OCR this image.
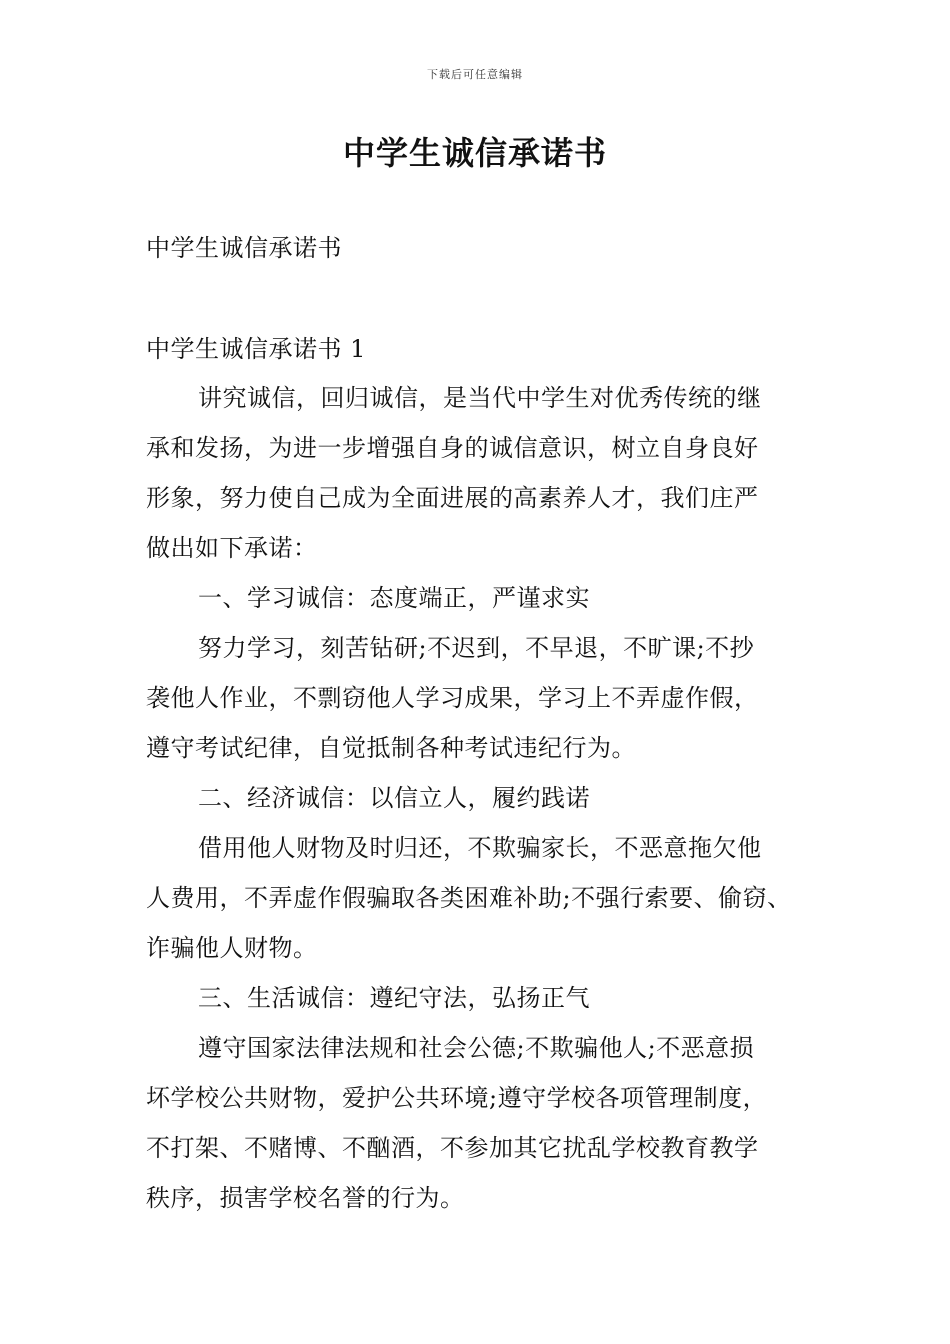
下载后可任意编辑
中学生诚信承诺书
中学生诚信承诺书
中学生诚信承诺书 1
讲究诚信，回归诚信，是当代中学生对优秀传统的继
承和发扬，为进一步增强自身的诚信意识，树立自身良好
形象，努力使自己成为全面进展的高素养人才，我们庄严
做出如下承诺：
一、学习诚信：态度端正，严谨求实
努力学习，刻苦钻研;不迟到，不早退，不旷课;不抄
袭他人作业，不剽窃他人学习成果，学习上不弄虚作假，
遵守考试纪律，自觉抵制各种考试违纪行为。
二、经济诚信：以信立人，履约践诺
借用他人财物及时归还，不欺骗家长，不恶意拖欠他
人费用，不弄虚作假骗取各类困难补助;不强行索要、偷窃、
诈骗他人财物。
三、生活诚信：遵纪守法，弘扬正气
遵守国家法律法规和社会公德;不欺骗他人;不恶意损
坏学校公共财物，爱护公共环境;遵守学校各项管理制度，
不打架、不赌博、不酗酒，不参加其它扰乱学校教育教学
秩序，损害学校名誉的行为。
